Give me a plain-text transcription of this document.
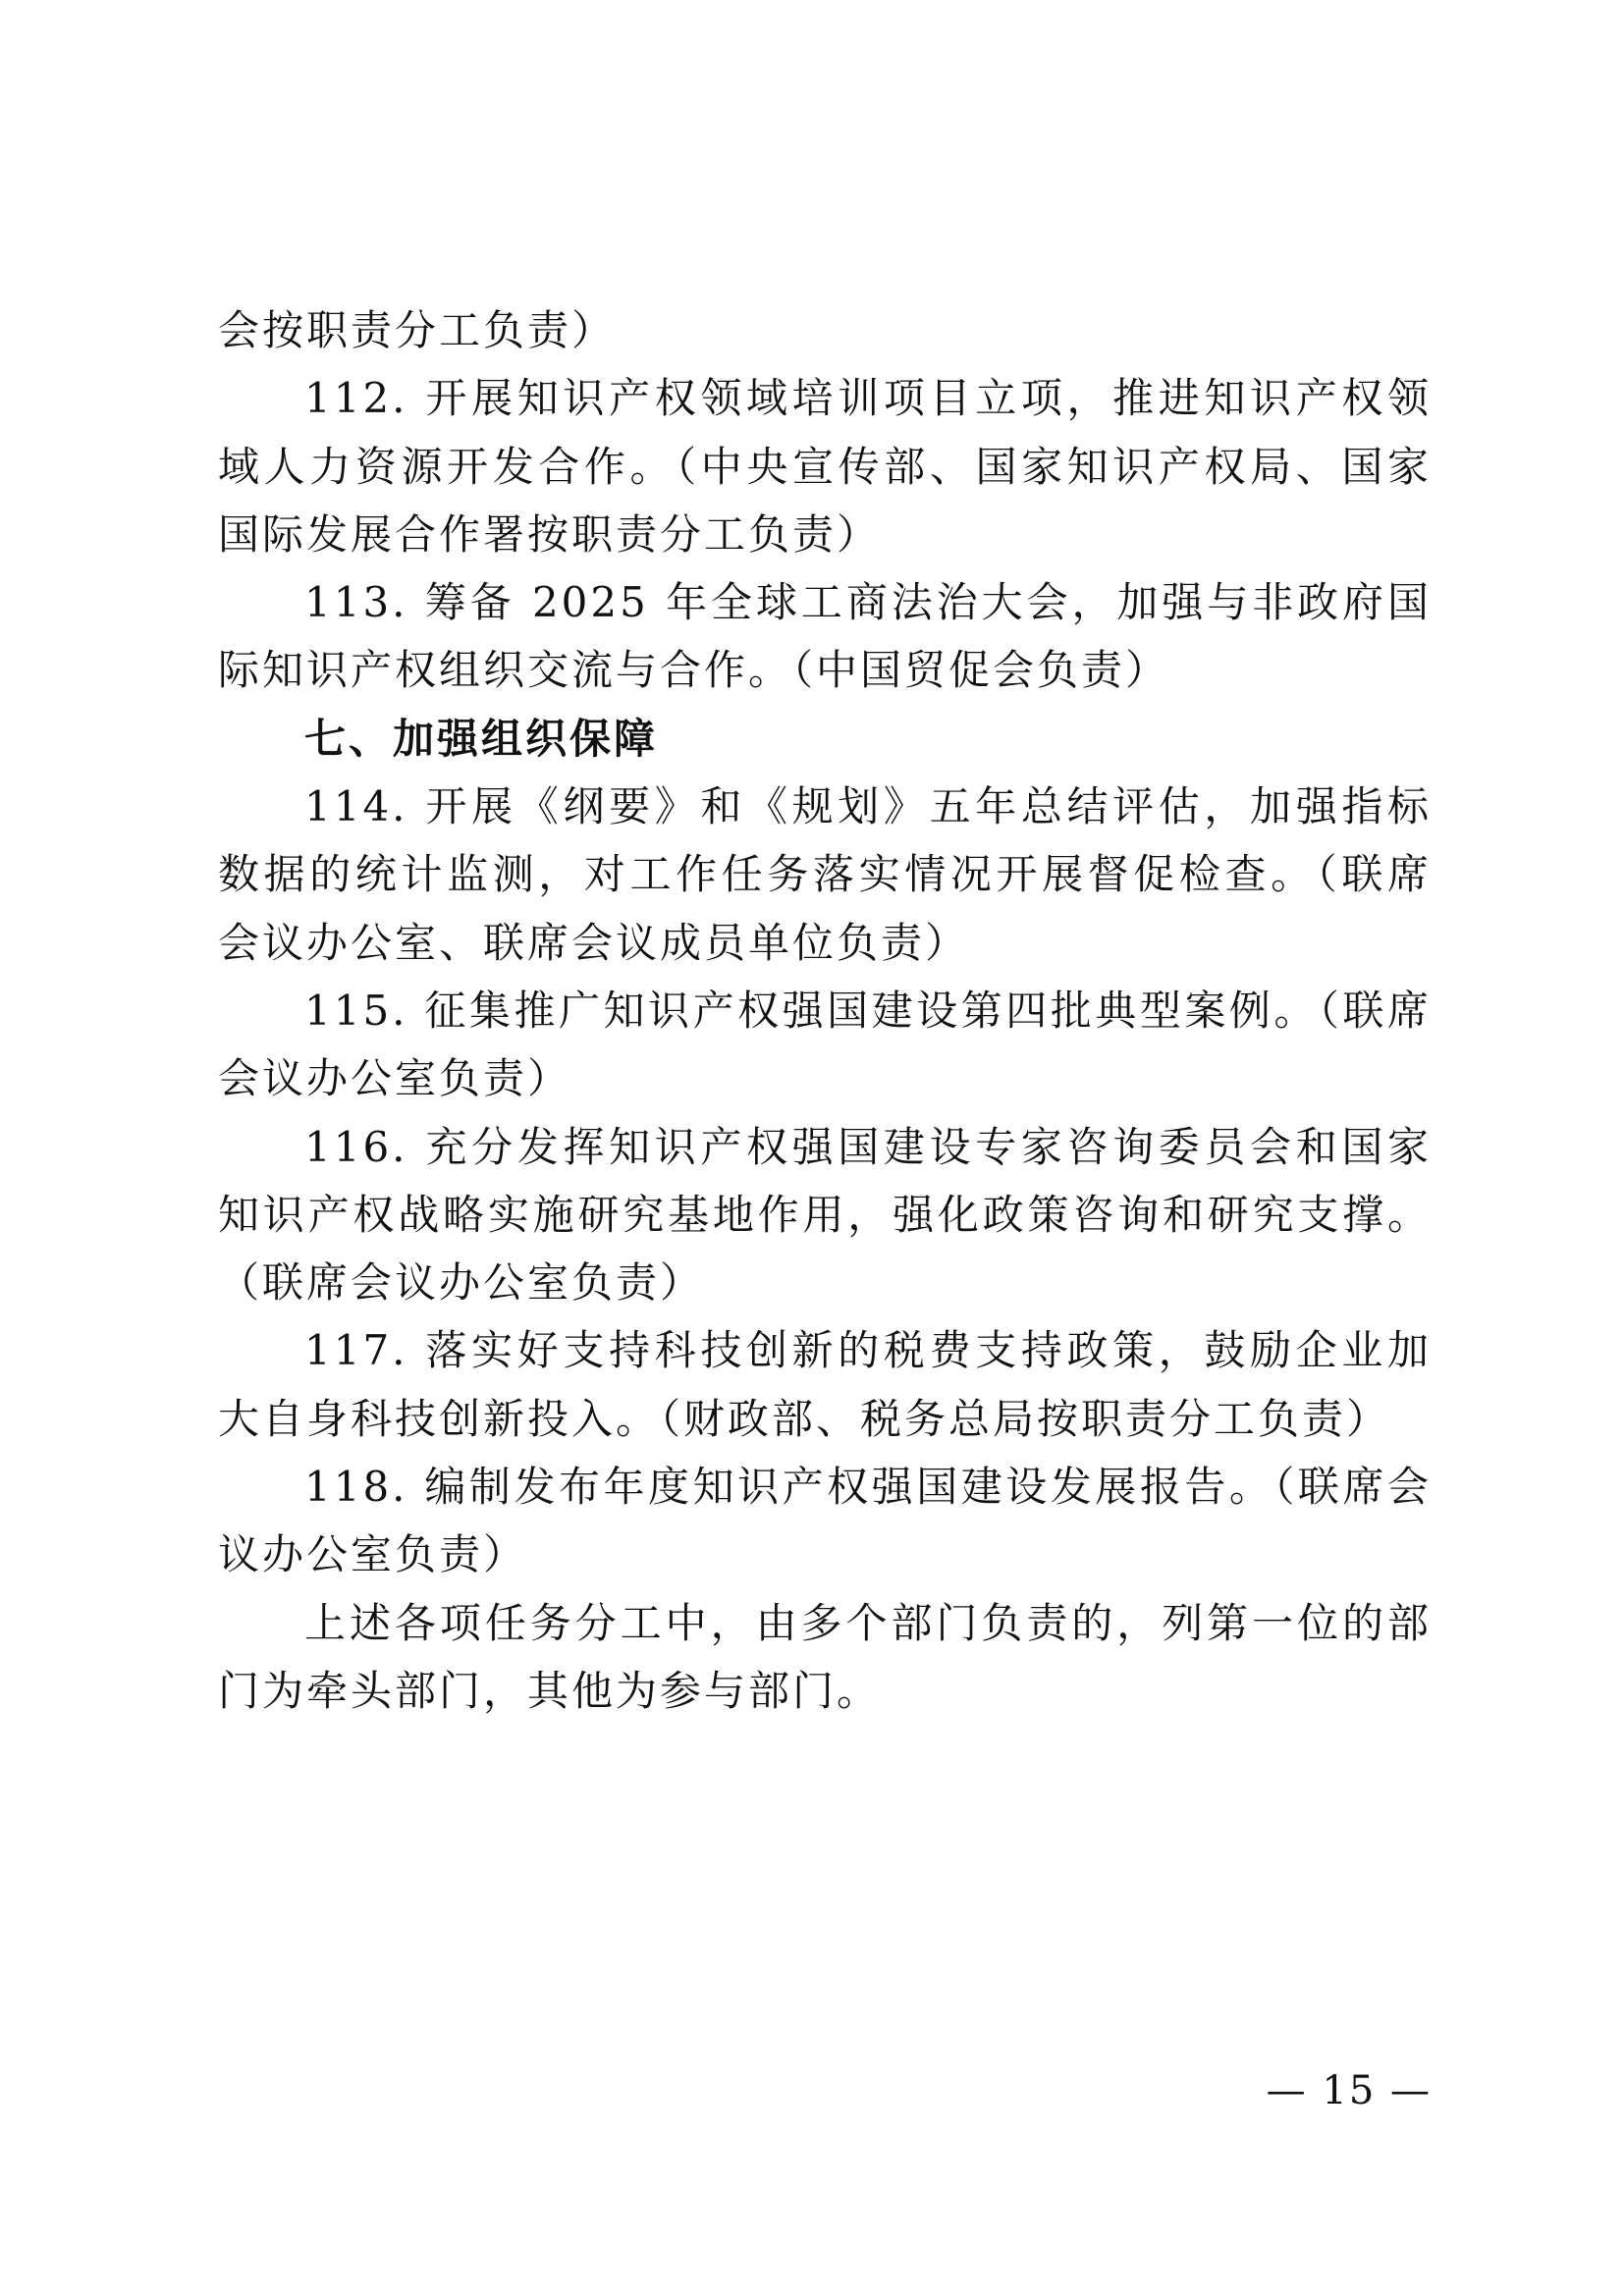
会按职责分工负责）

112. 开展知识产权领域培训项目立项，推进知识产权领域人力资源开发合作。（中央宣传部、国家知识产权局、国家国际发展合作署按职责分工负责）

113. 筹备 2025 年全球工商法治大会，加强与非政府国际知识产权组织交流与合作。（中国贸促会负责）

七、加强组织保障

114. 开展《纲要》和《规划》五年总结评估，加强指标数据的统计监测，对工作任务落实情况开展督促检查。（联席会议办公室、联席会议成员单位负责）

115. 征集推广知识产权强国建设第四批典型案例。（联席会议办公室负责）

116. 充分发挥知识产权强国建设专家咨询委员会和国家知识产权战略实施研究基地作用，强化政策咨询和研究支撑。（联席会议办公室负责）

117. 落实好支持科技创新的税费支持政策，鼓励企业加大自身科技创新投入。（财政部、税务总局按职责分工负责）

118. 编制发布年度知识产权强国建设发展报告。（联席会议办公室负责）

上述各项任务分工中，由多个部门负责的，列第一位的部门为牵头部门，其他为参与部门。

— 15 —
